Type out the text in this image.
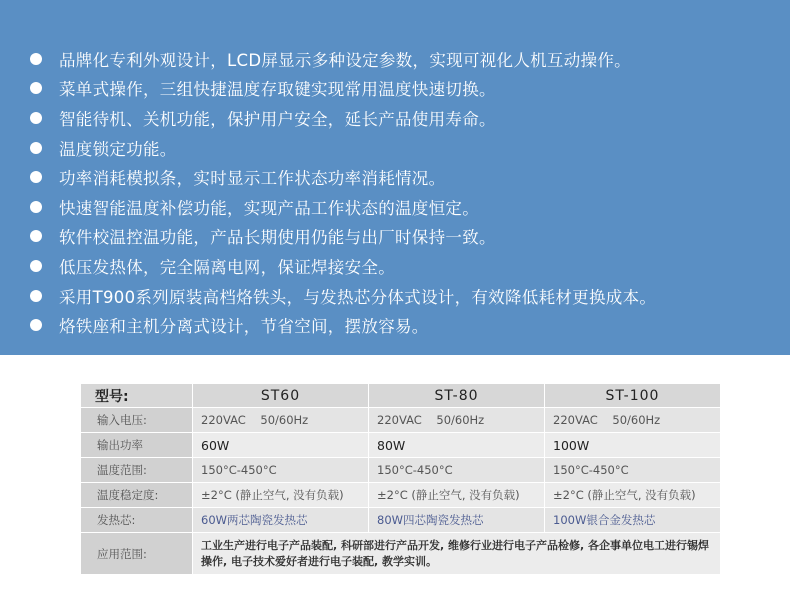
品牌化专利外观设计，LCD屏显示多种设定参数，实现可视化人机互动操作。
菜单式操作，三组快捷温度存取键实现常用温度快速切换。
智能待机、关机功能，保护用户安全，延长产品使用寿命。
温度锁定功能。
功率消耗模拟条，实时显示工作状态功率消耗情况。
快速智能温度补偿功能，实现产品工作状态的温度恒定。
软件校温控温功能，产品长期使用仍能与出厂时保持一致。
低压发热体，完全隔离电网，保证焊接安全。
采用T900系列原装高档烙铁头，与发热芯分体式设计，有效降低耗材更换成本。
烙铁座和主机分离式设计，节省空间，摆放容易。
型号:	ST60	ST-80	ST-100
输入电压:	220VAC    50/60Hz	220VAC    50/60Hz	220VAC    50/60Hz
输出功率	60W	80W	100W
温度范围:	150°C-450°C	150°C-450°C	150°C-450°C
温度稳定度:	±2°C (静止空气, 没有负载)	±2°C (静止空气, 没有负载)	±2°C (静止空气, 没有负载)
发热芯:	60W两芯陶瓷发热芯	80W四芯陶瓷发热芯	100W银合金发热芯
应用范围:	工业生产进行电子产品装配, 科研部进行产品开发, 维修行业进行电子产品检修, 各企事单位电工进行锡焊操作, 电子技术爱好者进行电子装配, 教学实训。		
